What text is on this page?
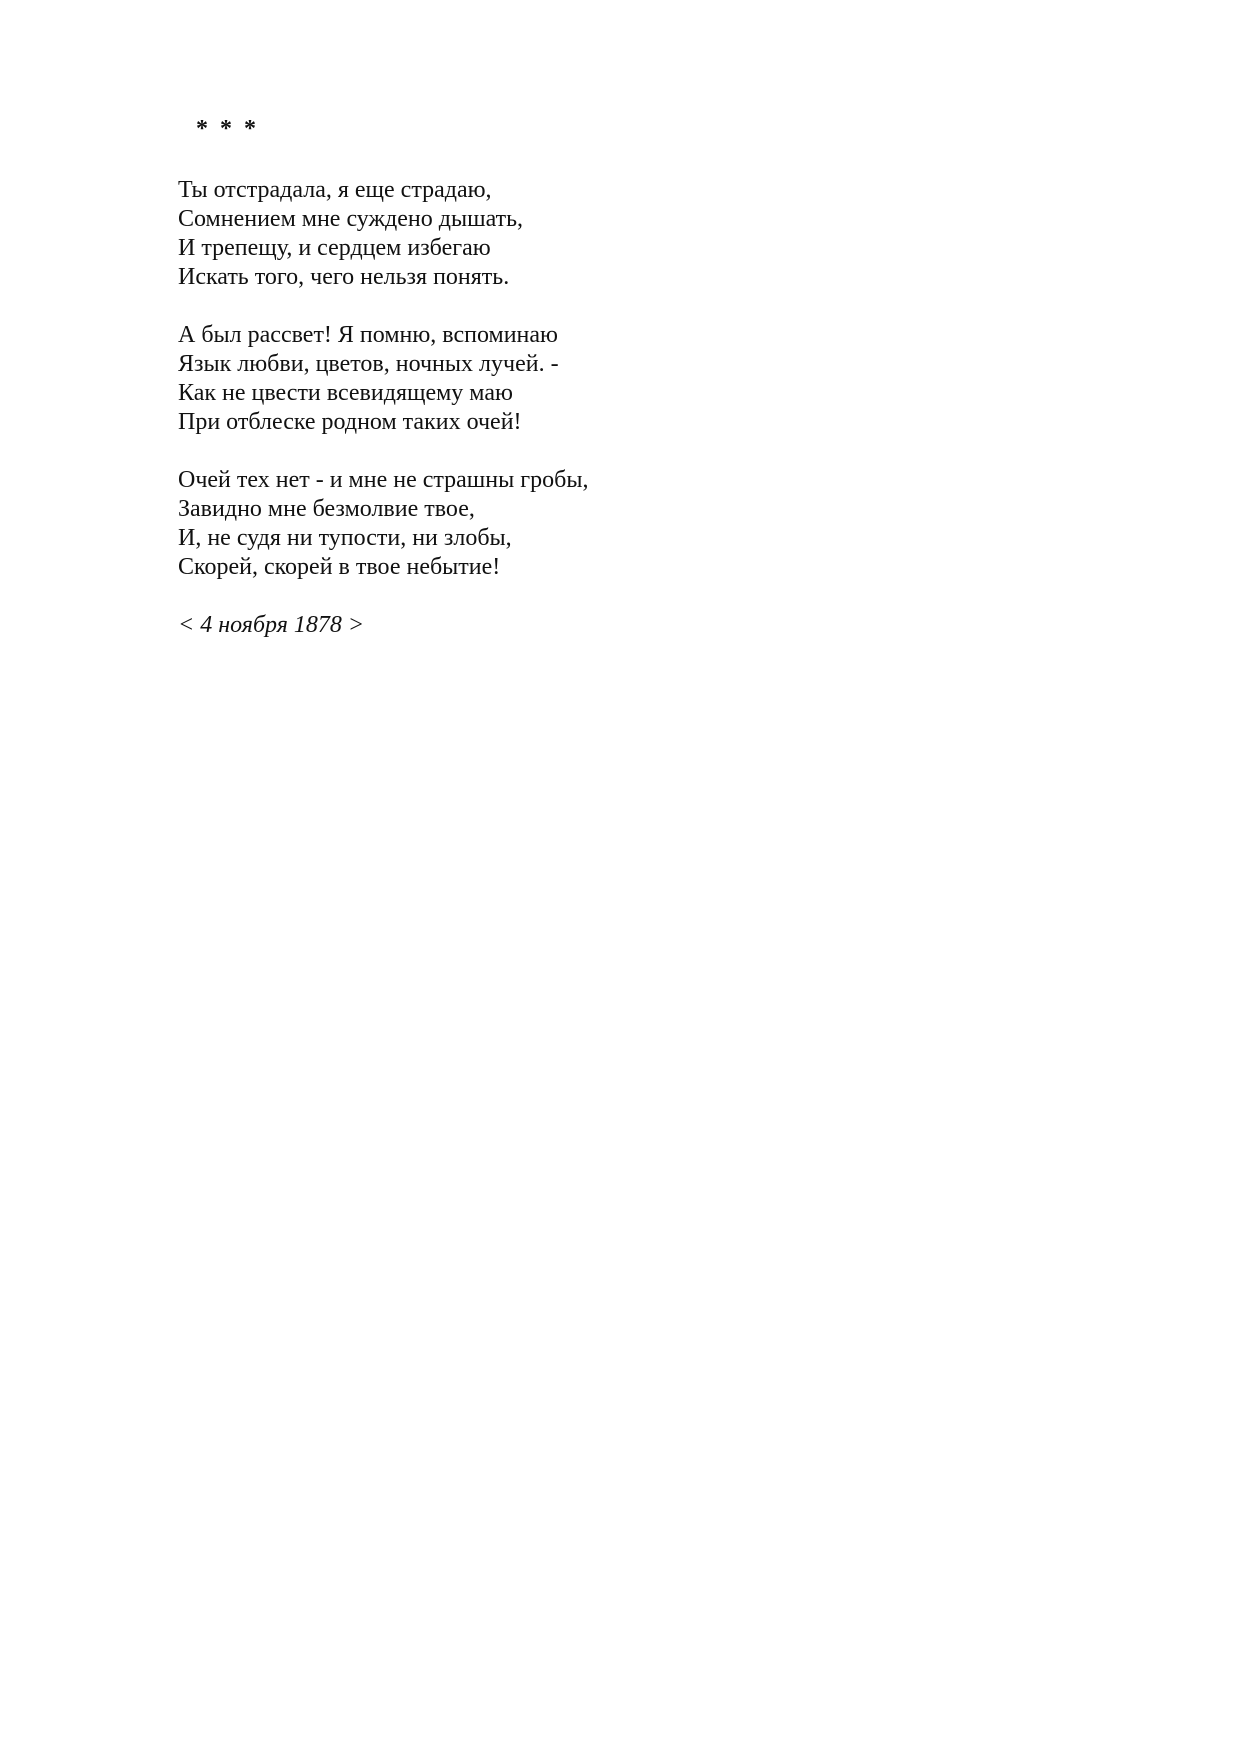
* * *
Ты отстрадала, я еще страдаю,
Сомнением мне суждено дышать,
И трепещу, и сердцем избегаю
Искать того, чего нельзя понять.
А был рассвет! Я помню, вспоминаю
Язык любви, цветов, ночных лучей. -
Как не цвести всевидящему маю
При отблеске родном таких очей!
Очей тех нет - и мне не страшны гробы,
Завидно мне безмолвие твое,
И, не судя ни тупости, ни злобы,
Скорей, скорей в твое небытие!
< 4 ноября 1878 >
